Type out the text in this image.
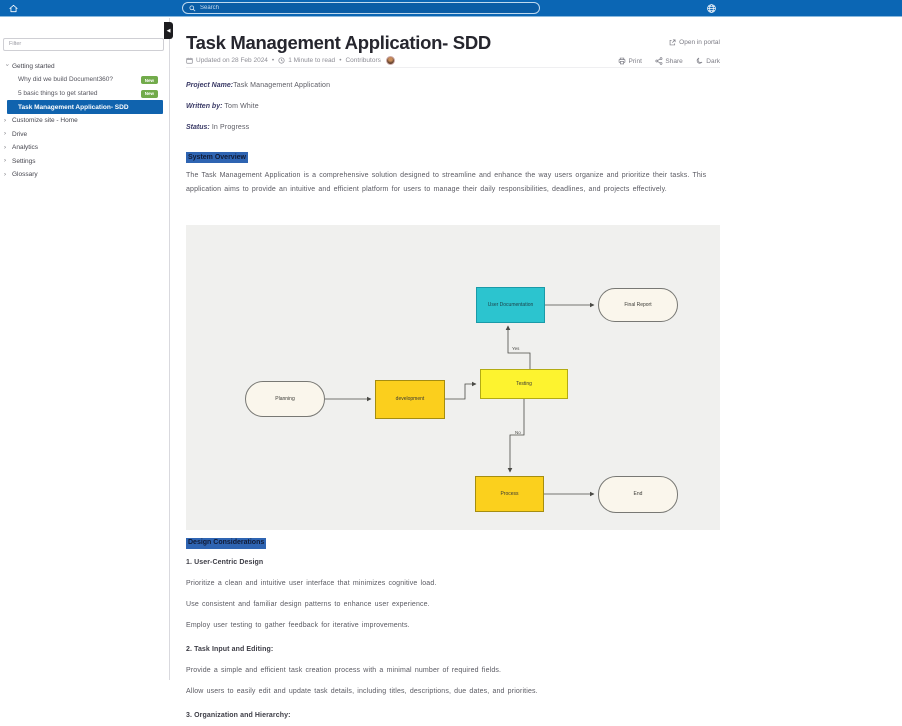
Search
Filter
› Getting started
Why did we build Document360?	New
5 basic things to get started	New
Task Management Application- SDD
› Customize site - Home
› Drive
› Analytics
› Settings
› Glossary
◀
Task Management Application- SDD	Open in portal
Updated on 28 Feb 2024 • 1 Minute to read • Contributors	Print	Share	Dark

Project Name:Task Management Application

Written by: Tom White

Status: In Progress

System Overview

The Task Management Application is a comprehensive solution designed to streamline and enhance the way users organize and prioritize their tasks. This application aims to provide an intuitive and efficient platform for users to manage their daily responsibilities, deadlines, and projects effectively.

Planning	development
Testing
User Documentation	Final Report
Process	End
Yes
No
Design Considerations
1. User-Centric Design

Prioritize a clean and intuitive user interface that minimizes cognitive load.

Use consistent and familiar design patterns to enhance user experience.

Employ user testing to gather feedback for iterative improvements.

2. Task Input and Editing:

Provide a simple and efficient task creation process with a minimal number of required fields.

Allow users to easily edit and update task details, including titles, descriptions, due dates, and priorities.

3. Organization and Hierarchy:
